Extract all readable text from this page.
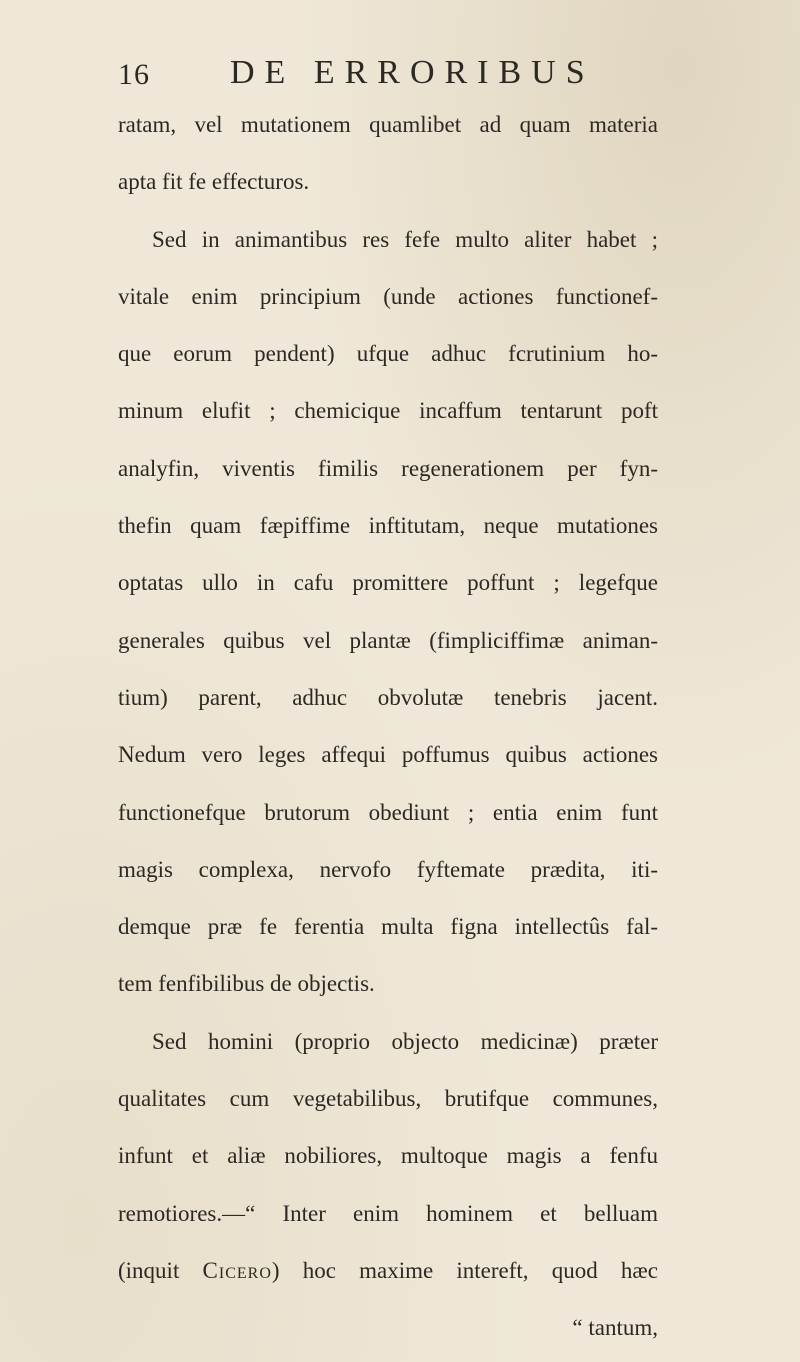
16 DE ERRORIBUS
ratam, vel mutationem quamlibet ad quam materia
apta fit fe effecturos.
Sed in animantibus res fefe multo aliter habet ;
vitale enim principium (unde actiones functionef-
que eorum pendent) ufque adhuc fcrutinium ho-
minum elufit ; chemicique incaffum tentarunt poft
analyfin, viventis fimilis regenerationem per fyn-
thefin quam fæpiffime inftitutam, neque mutationes
optatas ullo in cafu promittere poffunt ; legefque
generales quibus vel plantæ (fimpliciffimæ animan-
tium) parent, adhuc obvolutæ tenebris jacent.
Nedum vero leges affequi poffumus quibus actiones
functionefque brutorum obediunt ; entia enim funt
magis complexa, nervofo fyftemate prædita, iti-
demque præ fe ferentia multa figna intellectûs fal-
tem fenfibilibus de objectis.
Sed homini (proprio objecto medicinæ) præter
qualitates cum vegetabilibus, brutifque communes,
infunt et aliæ nobiliores, multoque magis a fenfu
remotiores.—“ Inter enim hominem et belluam
(inquit Cicero) hoc maxime intereft, quod hæc
“ tantum,
